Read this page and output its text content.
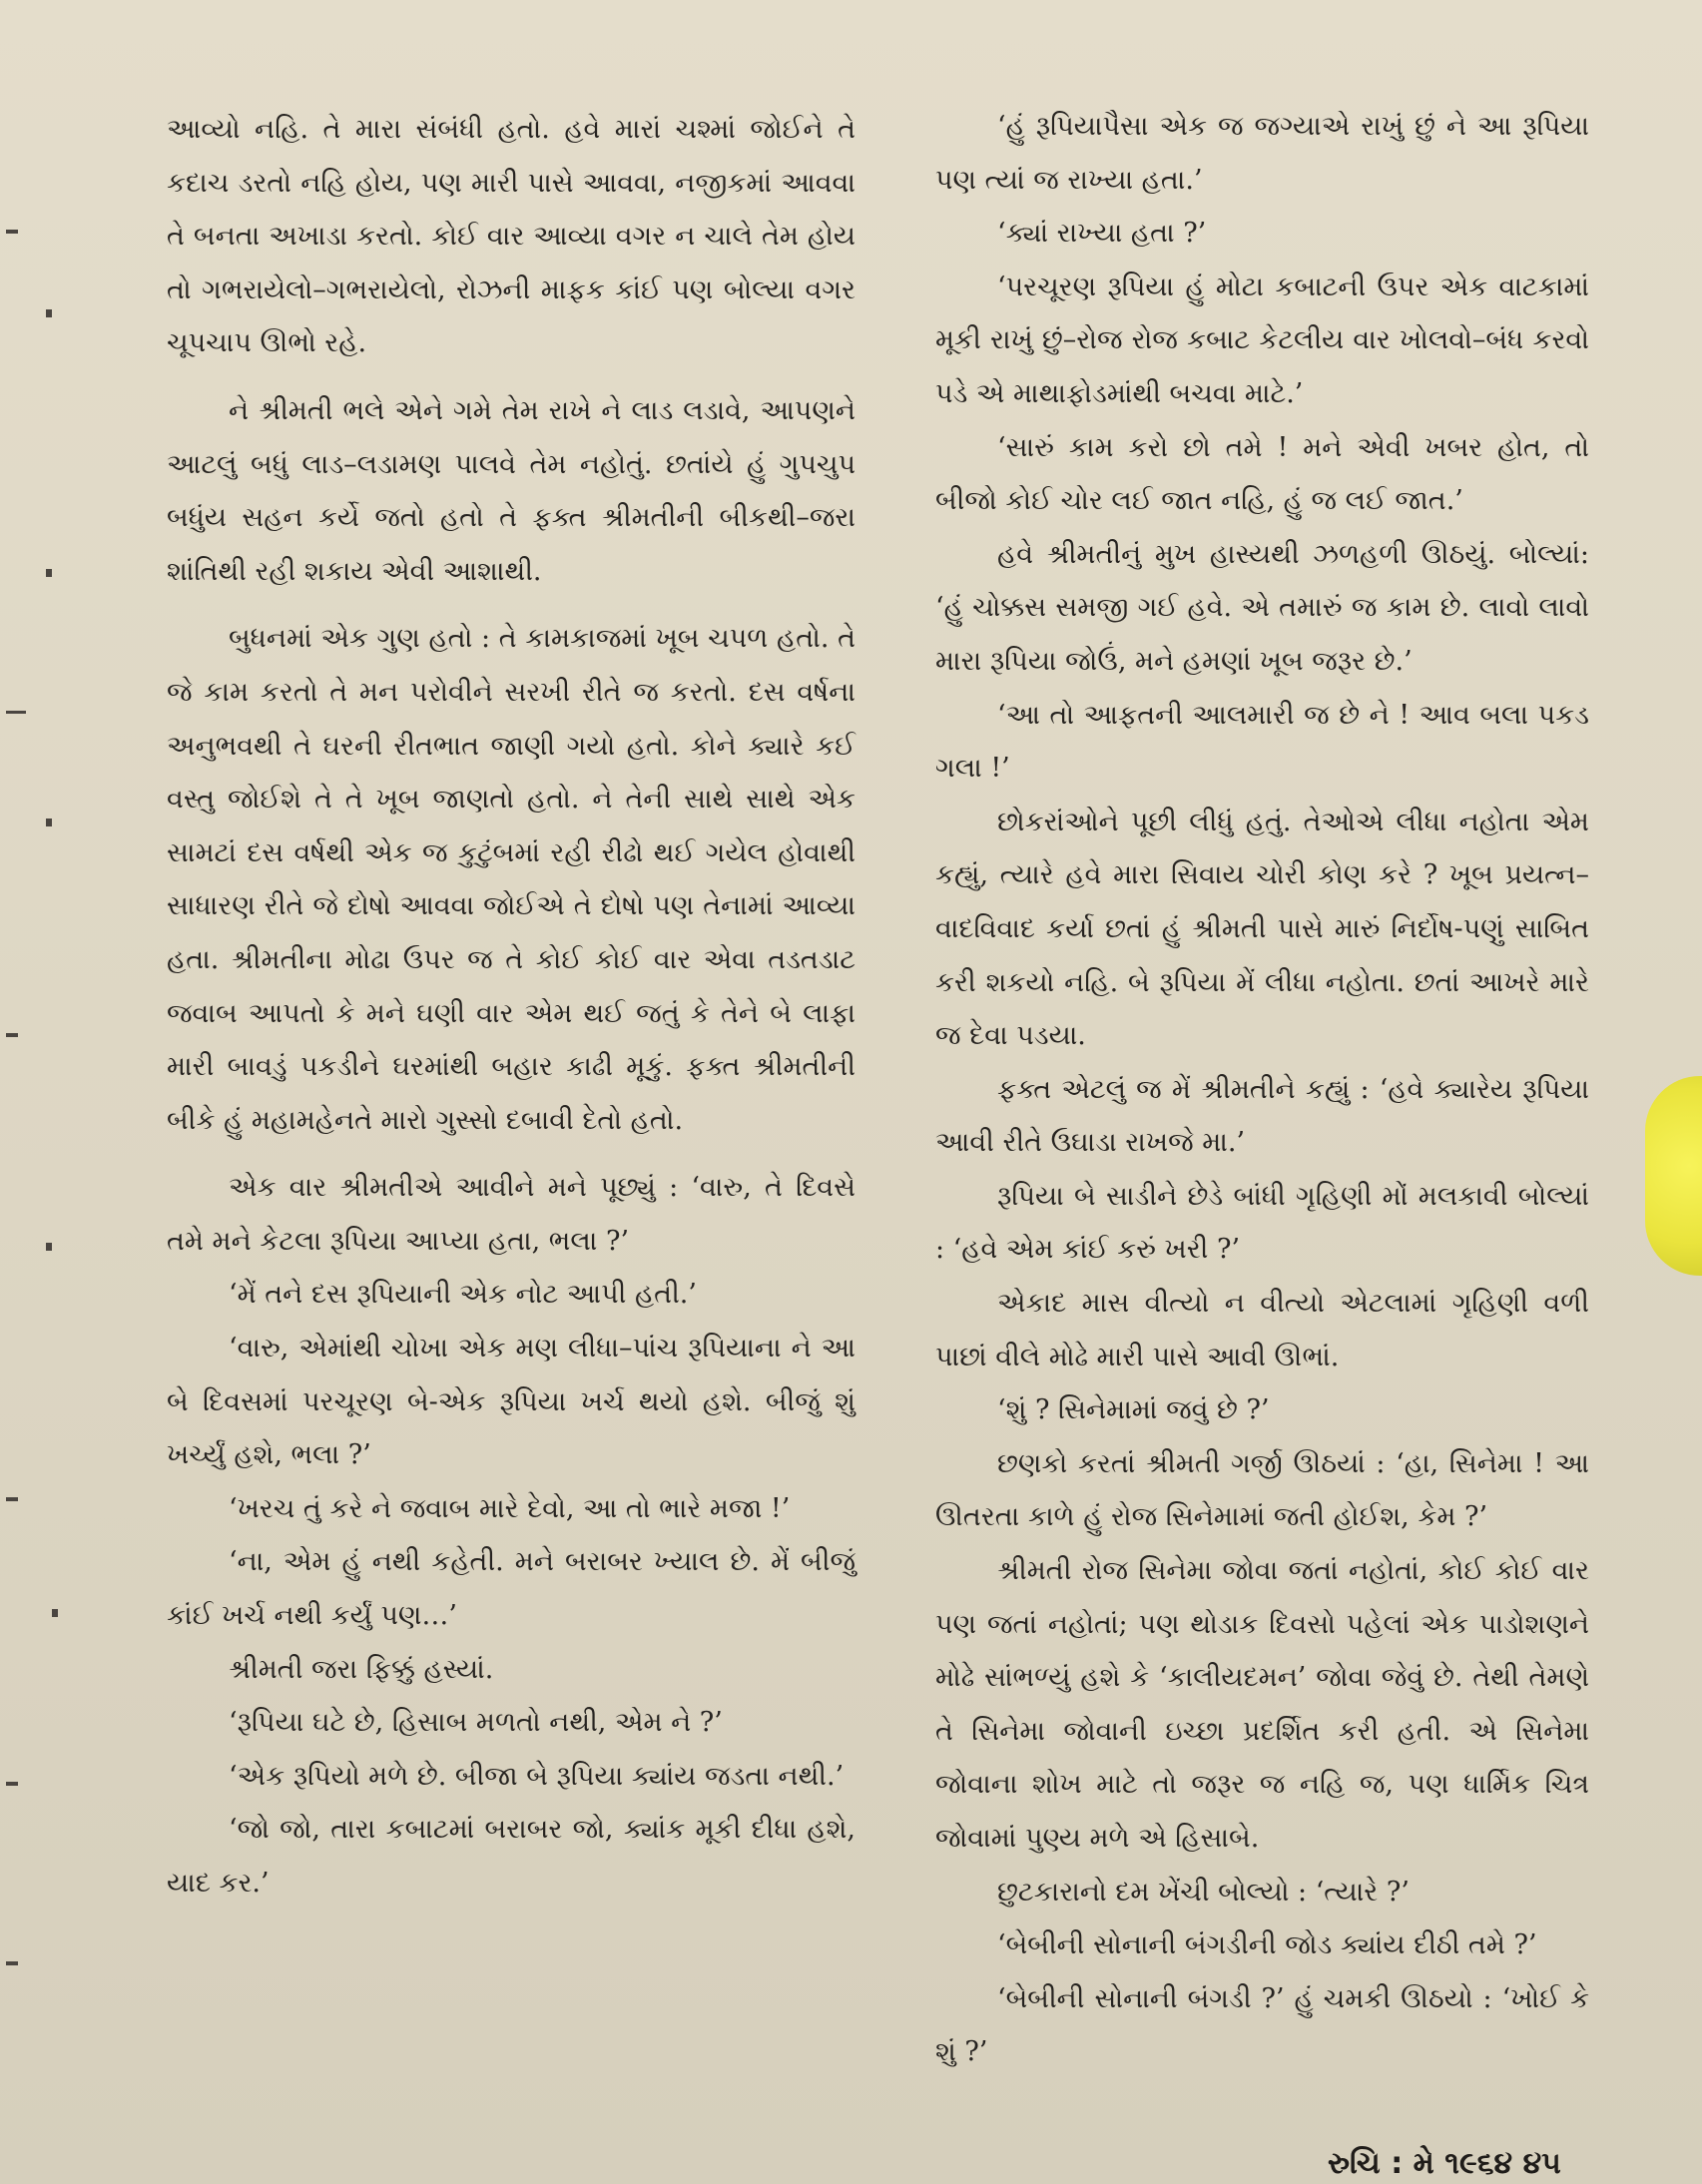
આવ્યો નહિ. તે મારા સંબંધી હતો. હવે મારાં ચશ્માં જોઈને તે કદાચ ડરતો નહિ હોય, પણ મારી પાસે આવવા, નજીકમાં આવવા તે બનતા અખાડા કરતો. કોઈ વાર આવ્યા વગર ન ચાલે તેમ હોય તો ગભરાયેલો–ગભરાયેલો, રોઝની માફક કાંઈ પણ બોલ્યા વગર ચૂપચાપ ઊભો રહે.

ને શ્રીમતી ભલે એને ગમે તેમ રાખે ને લાડ લડાવે, આપણને આટલું બધું લાડ–લડામણ પાલવે તેમ નહોતું. છતાંયે હું ગુપચુપ બધુંય સહન કર્યે જતો હતો તે ફક્ત શ્રીમતીની બીકથી–જરા શાંતિથી રહી શકાય એવી આશાથી.

બુધનમાં એક ગુણ હતો : તે કામકાજમાં ખૂબ ચપળ હતો. તે જે કામ કરતો તે મન પરોવીને સરખી રીતે જ કરતો. દસ વર્ષના અનુભવથી તે ઘરની રીતભાત જાણી ગયો હતો. કોને ક્યારે કઈ વસ્તુ જોઈશે તે તે ખૂબ જાણતો હતો. ને તેની સાથે સાથે એક સામટાં દસ વર્ષથી એક જ કુટુંબમાં રહી રીઢો થઈ ગયેલ હોવાથી સાધારણ રીતે જે દોષો આવવા જોઈએ તે દોષો પણ તેનામાં આવ્યા હતા. શ્રીમતીના મોઢા ઉપર જ તે કોઈ કોઈ વાર એવા તડતડાટ જવાબ આપતો કે મને ઘણી વાર એમ થઈ જતું કે તેને બે લાફા મારી બાવડું પકડીને ઘરમાંથી બહાર કાઢી મૂકું. ફક્ત શ્રીમતીની બીકે હું મહામહેનતે મારો ગુસ્સો દબાવી દેતો હતો.

એક વાર શ્રીમતીએ આવીને મને પૂછ્યું : ‘વારુ, તે દિવસે તમે મને કેટલા રૂપિયા આપ્યા હતા, ભલા ?’

‘મેં તને દસ રૂપિયાની એક નોટ આપી હતી.’

‘વારુ, એમાંથી ચોખા એક મણ લીધા–પાંચ રૂપિયાના ને આ બે દિવસમાં પરચૂરણ બે-એક રૂપિયા ખર્ચ થયો હશે. બીજું શું ખર્ચ્યું હશે, ભલા ?’

‘ખરચ તું કરે ને જવાબ મારે દેવો, આ તો ભારે મજા !’

‘ના, એમ હું નથી કહેતી. મને બરાબર ખ્યાલ છે. મેં બીજું કાંઈ ખર્ચ નથી કર્યું પણ…’

શ્રીમતી જરા ફિક્કું હસ્યાં.

‘રૂપિયા ઘટે છે, હિસાબ મળતો નથી, એમ ને ?’

‘એક રૂપિયો મળે છે. બીજા બે રૂપિયા ક્યાંય જડતા નથી.’

‘જો જો, તારા કબાટમાં બરાબર જો, ક્યાંક મૂકી દીધા હશે, યાદ કર.’

‘હું રૂપિયાપૈસા એક જ જગ્યાએ રાખું છું ને આ રૂપિયા પણ ત્યાં જ રાખ્યા હતા.’

‘ક્યાં રાખ્યા હતા ?’

‘પરચૂરણ રૂપિયા હું મોટા કબાટની ઉપર એક વાટકામાં મૂકી રાખું છું–રોજ રોજ કબાટ કેટલીય વાર ખોલવો–બંધ કરવો પડે એ માથાફોડમાંથી બચવા માટે.’

‘સારું કામ કરો છો તમે ! મને એવી ખબર હોત, તો બીજો કોઈ ચોર લઈ જાત નહિ, હું જ લઈ જાત.’

હવે શ્રીમતીનું મુખ હાસ્યથી ઝળહળી ઊઠયું. બોલ્યાં: ‘હું ચોક્કસ સમજી ગઈ હવે. એ તમારું જ કામ છે. લાવો લાવો મારા રૂપિયા જોઉં, મને હમણાં ખૂબ જરૂર છે.’

‘આ તો આફતની આલમારી જ છે ને ! આવ બલા પકડ ગલા !’

છોકરાંઓને પૂછી લીધું હતું. તેઓએ લીધા નહોતા એમ કહ્યું, ત્યારે હવે મારા સિવાય ચોરી કોણ કરે ? ખૂબ પ્રયત્ન–વાદવિવાદ કર્યા છતાં હું શ્રીમતી પાસે મારું નિર્દોષ-પણું સાબિત કરી શકયો નહિ. બે રૂપિયા મેં લીધા નહોતા. છતાં આખરે મારે જ દેવા પડયા.

ફક્ત એટલું જ મેં શ્રીમતીને કહ્યું : ‘હવે ક્યારેય રૂપિયા આવી રીતે ઉઘાડા રાખજે મા.’

રૂપિયા બે સાડીને છેડે બાંધી ગૃહિણી મોં મલકાવી બોલ્યાં : ‘હવે એમ કાંઈ કરું ખરી ?’

એકાદ માસ વીત્યો ન વીત્યો એટલામાં ગૃહિણી વળી પાછાં વીલે મોઢે મારી પાસે આવી ઊભાં.

‘શું ? સિનેમામાં જવું છે ?’

છણકો કરતાં શ્રીમતી ગર્જી ઊઠયાં : ‘હા, સિનેમા ! આ ઊતરતા કાળે હું રોજ સિનેમામાં જતી હોઈશ, કેમ ?’

શ્રીમતી રોજ સિનેમા જોવા જતાં નહોતાં, કોઈ કોઈ વાર પણ જતાં નહોતાં; પણ થોડાક દિવસો પહેલાં એક પાડોશણને મોઢે સાંભળ્યું હશે કે ‘કાલીયદમન’ જોવા જેવું છે. તેથી તેમણે તે સિનેમા જોવાની ઇચ્છા પ્રદર્શિત કરી હતી. એ સિનેમા જોવાના શોખ માટે તો જરૂર જ નહિ જ, પણ ધાર્મિક ચિત્ર જોવામાં પુણ્ય મળે એ હિસાબે.

છુટકારાનો દમ ખેંચી બોલ્યો : ‘ત્યારે ?’

‘બેબીની સોનાની બંગડીની જોડ ક્યાંય દીઠી તમે ?’

‘બેબીની સોનાની બંગડી ?’ હું ચમકી ઊઠયો : ‘ખોઈ કે શું ?’

રુચિ : મે ૧૯૬૪ ૪૫
